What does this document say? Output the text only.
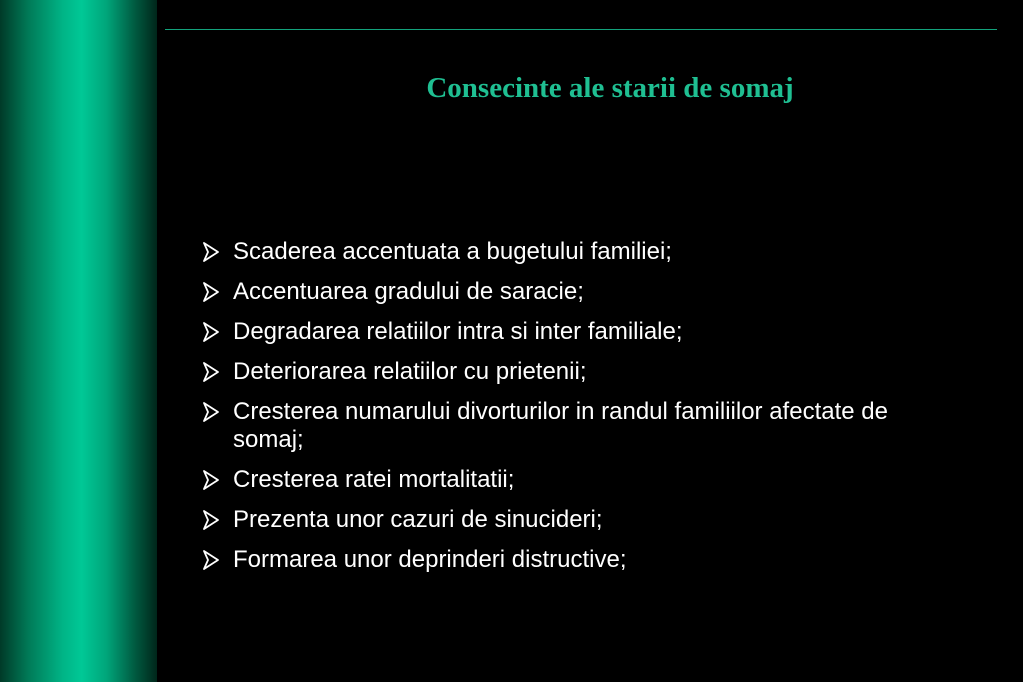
Consecinte ale starii de somaj
Scaderea accentuata a bugetului familiei;
Accentuarea gradului de saracie;
Degradarea relatiilor intra si inter familiale;
Deteriorarea relatiilor cu prietenii;
Cresterea numarului divorturilor in randul familiilor afectate de somaj;
Cresterea ratei mortalitatii;
Prezenta unor cazuri de sinucideri;
Formarea unor deprinderi distructive;
